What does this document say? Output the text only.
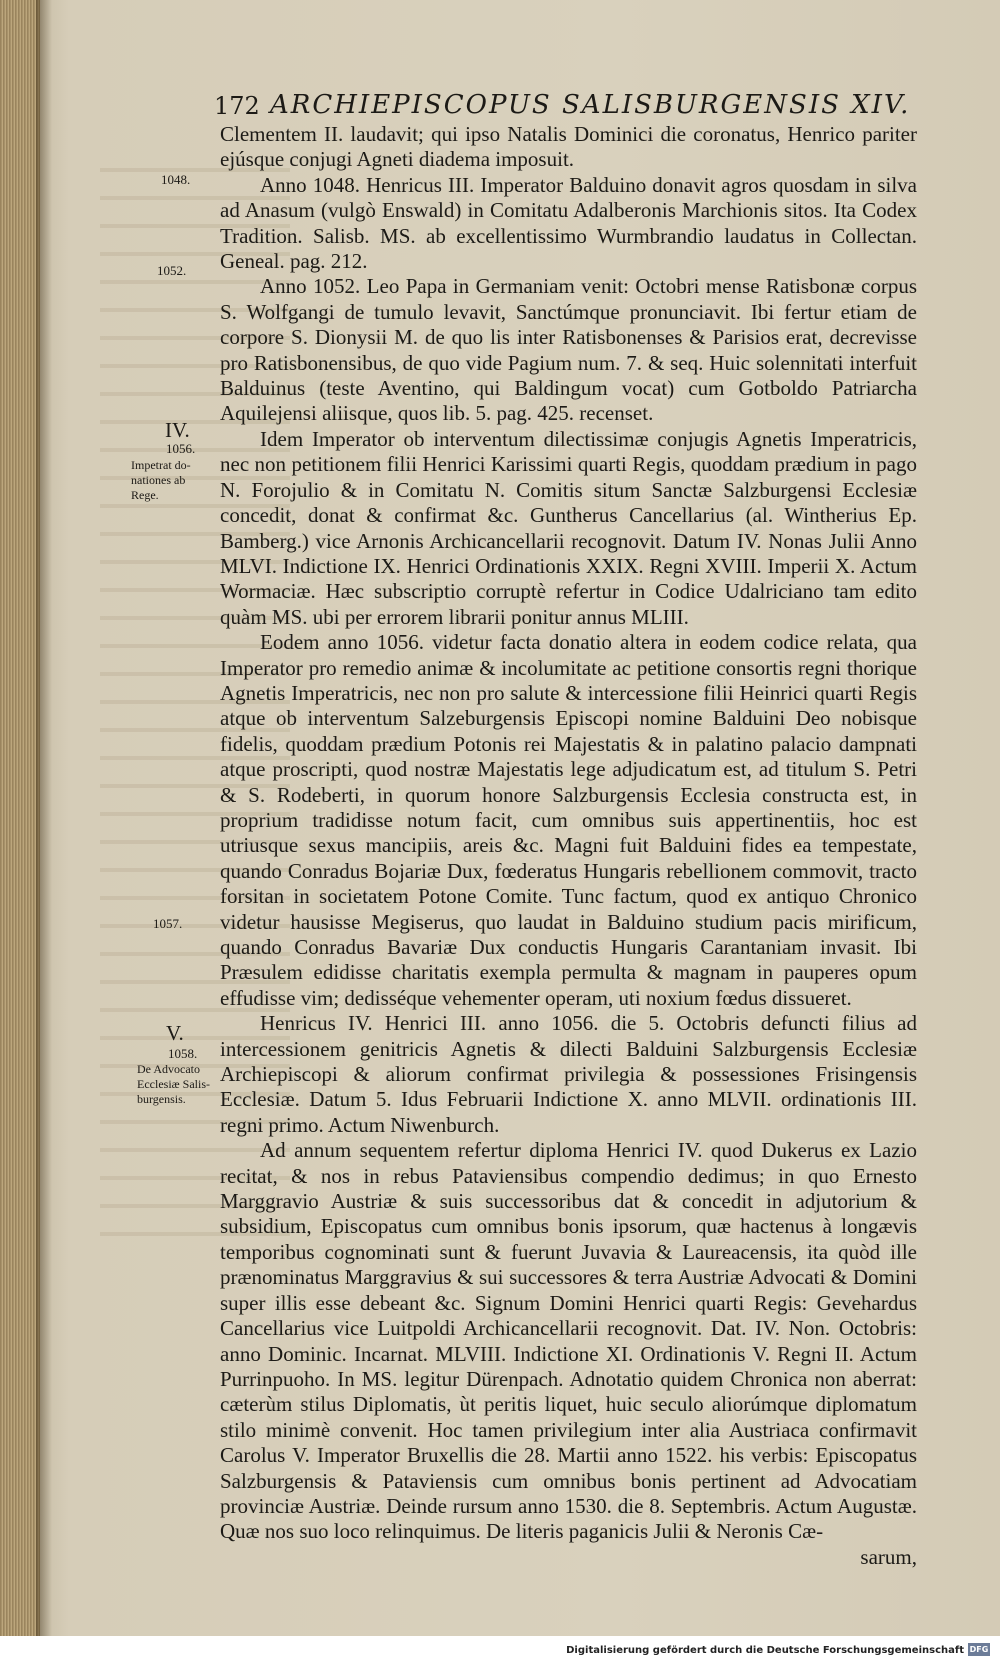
172 ARCHIEPISCOPUS SALISBURGENSIS XIV.
1048.
1052.
IV.
1056.
Impetrat do-
nationes ab
Rege.
1057.
V.
1058.
De Advocato
Ecclesiæ Salis-
burgensis.

Clementem II. laudavit; qui ipso Natalis Dominici die coronatus, Henrico pariter ejúsque conjugi Agneti diadema imposuit.

Anno 1048. Henricus III. Imperator Balduino donavit agros quosdam in silva ad Anasum (vulgò Enswald) in Comitatu Adalberonis Marchionis sitos. Ita Codex Tradition. Salisb. MS. ab excellentissimo Wurmbrandio laudatus in Collectan. Geneal. pag. 212.

Anno 1052. Leo Papa in Germaniam venit: Octobri mense Ratisbonæ corpus S. Wolfgangi de tumulo levavit, Sanctúmque pronunciavit. Ibi fertur etiam de corpore S. Dionysii M. de quo lis inter Ratisbonenses & Parisios erat, decrevisse pro Ratisbonensibus, de quo vide Pagium num. 7. & seq. Huic solennitati interfuit Balduinus (teste Aventino, qui Baldingum vocat) cum Gotboldo Patriarcha Aquilejensi aliisque, quos lib. 5. pag. 425. recenset.

Idem Imperator ob interventum dilectissimæ conjugis Agnetis Imperatricis, nec non petitionem filii Henrici Karissimi quarti Regis, quoddam prædium in pago N. Forojulio & in Comitatu N. Comitis situm Sanctæ Salzburgensi Ecclesiæ concedit, donat & confirmat &c. Guntherus Cancellarius (al. Wintherius Ep. Bamberg.) vice Arnonis Archicancellarii recognovit. Datum IV. Nonas Julii Anno MLVI. Indictione IX. Henrici Ordinationis XXIX. Regni XVIII. Imperii X. Actum Wormaciæ. Hæc subscriptio corruptè refertur in Codice Udalriciano tam edito quàm MS. ubi per errorem librarii ponitur annus MLIII.

Eodem anno 1056. videtur facta donatio altera in eodem codice relata, qua Imperator pro remedio animæ & incolumitate ac petitione consortis regni thorique Agnetis Imperatricis, nec non pro salute & intercessione filii Heinrici quarti Regis atque ob interventum Salzeburgensis Episcopi nomine Balduini Deo nobisque fidelis, quoddam prædium Potonis rei Majestatis & in palatino palacio dampnati atque proscripti, quod nostræ Majestatis lege adjudicatum est, ad titulum S. Petri & S. Rodeberti, in quorum honore Salzburgensis Ecclesia constructa est, in proprium tradidisse notum facit, cum omnibus suis appertinentiis, hoc est utriusque sexus mancipiis, areis &c. Magni fuit Balduini fides ea tempestate, quando Conradus Bojariæ Dux, fœderatus Hungaris rebellionem commovit, tracto forsitan in societatem Potone Comite. Tunc factum, quod ex antiquo Chronico videtur hausisse Megiserus, quo laudat in Balduino studium pacis mirificum, quando Conradus Bavariæ Dux conductis Hungaris Carantaniam invasit. Ibi Præsulem edidisse charitatis exempla permulta & magnam in pauperes opum effudisse vim; dedisséque vehementer operam, uti noxium fœdus dissueret.

Henricus IV. Henrici III. anno 1056. die 5. Octobris defuncti filius ad intercessionem genitricis Agnetis & dilecti Balduini Salzburgensis Ecclesiæ Archiepiscopi & aliorum confirmat privilegia & possessiones Frisingensis Ecclesiæ. Datum 5. Idus Februarii Indictione X. anno MLVII. ordinationis III. regni primo. Actum Niwenburch.

Ad annum sequentem refertur diploma Henrici IV. quod Dukerus ex Lazio recitat, & nos in rebus Pataviensibus compendio dedimus; in quo Ernesto Marggravio Austriæ & suis successoribus dat & concedit in adjutorium & subsidium, Episcopatus cum omnibus bonis ipsorum, quæ hactenus à longævis temporibus cognominati sunt & fuerunt Juvavia & Laureacensis, ita quòd ille prænominatus Marggravius & sui successores & terra Austriæ Advocati & Domini super illis esse debeant &c. Signum Domini Henrici quarti Regis: Gevehardus Cancellarius vice Luitpoldi Archicancellarii recognovit. Dat. IV. Non. Octobris: anno Dominic. Incarnat. MLVIII. Indictione XI. Ordinationis V. Regni II. Actum Purrinpuoho. In MS. legitur Dürenpach. Adnotatio quidem Chronica non aberrat: cæterùm stilus Diplomatis, ùt peritis liquet, huic seculo aliorúmque diplomatum stilo minimè convenit. Hoc tamen privilegium inter alia Austriaca confirmavit Carolus V. Imperator Bruxellis die 28. Martii anno 1522. his verbis: Episcopatus Salzburgensis & Pataviensis cum omnibus bonis pertinent ad Advocatiam provinciæ Austriæ. Deinde rursum anno 1530. die 8. Septembris. Actum Augustæ. Quæ nos suo loco relinquimus. De literis paganicis Julii & Neronis Cæ-

sarum,

Digitalisierung gefördert durch die Deutsche Forschungsgemeinschaft DFG
